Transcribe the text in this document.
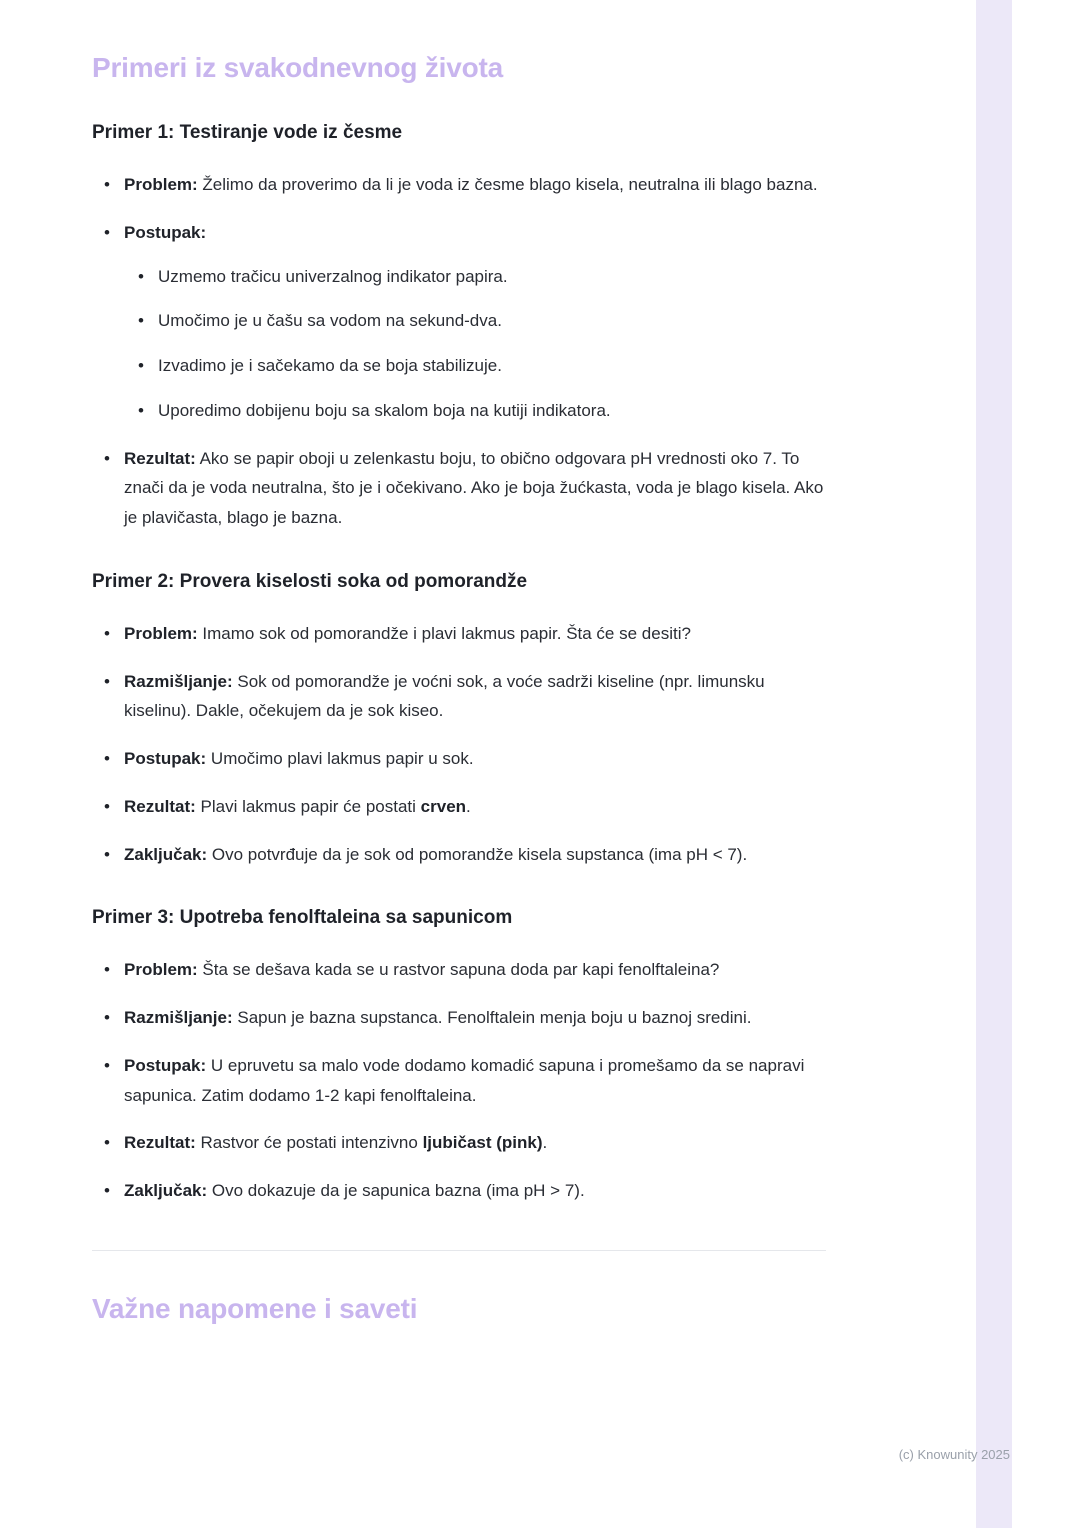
Primeri iz svakodnevnog života
Primer 1: Testiranje vode iz česme
• Problem: Želimo da proverimo da li je voda iz česme blago kisela, neutralna ili blago bazna.
• Postupak:
• Uzmemo tračicu univerzalnog indikator papira.
• Umočimo je u čašu sa vodom na sekund-dva.
• Izvadimo je i sačekamo da se boja stabilizuje.
• Uporedimo dobijenu boju sa skalom boja na kutiji indikatora.
• Rezultat: Ako se papir oboji u zelenkastu boju, to obično odgovara pH vrednosti oko 7. To znači da je voda neutralna, što je i očekivano. Ako je boja žućkasta, voda je blago kisela. Ako je plavičasta, blago je bazna.
Primer 2: Provera kiselosti soka od pomorandže
• Problem: Imamo sok od pomorandže i plavi lakmus papir. Šta će se desiti?
• Razmišljanje: Sok od pomorandže je voćni sok, a voće sadrži kiseline (npr. limunsku kiselinu). Dakle, očekujem da je sok kiseo.
• Postupak: Umočimo plavi lakmus papir u sok.
• Rezultat: Plavi lakmus papir će postati crven.
• Zaključak: Ovo potvrđuje da je sok od pomorandže kisela supstanca (ima pH < 7).
Primer 3: Upotreba fenolftaleina sa sapunicom
• Problem: Šta se dešava kada se u rastvor sapuna doda par kapi fenolftaleina?
• Razmišljanje: Sapun je bazna supstanca. Fenolftalein menja boju u baznoj sredini.
• Postupak: U epruvetu sa malo vode dodamo komadić sapuna i promešamo da se napravi sapunica. Zatim dodamo 1-2 kapi fenolftaleina.
• Rezultat: Rastvor će postati intenzivno ljubičast (pink).
• Zaključak: Ovo dokazuje da je sapunica bazna (ima pH > 7).
Važne napomene i saveti
(c) Knowunity 2025
